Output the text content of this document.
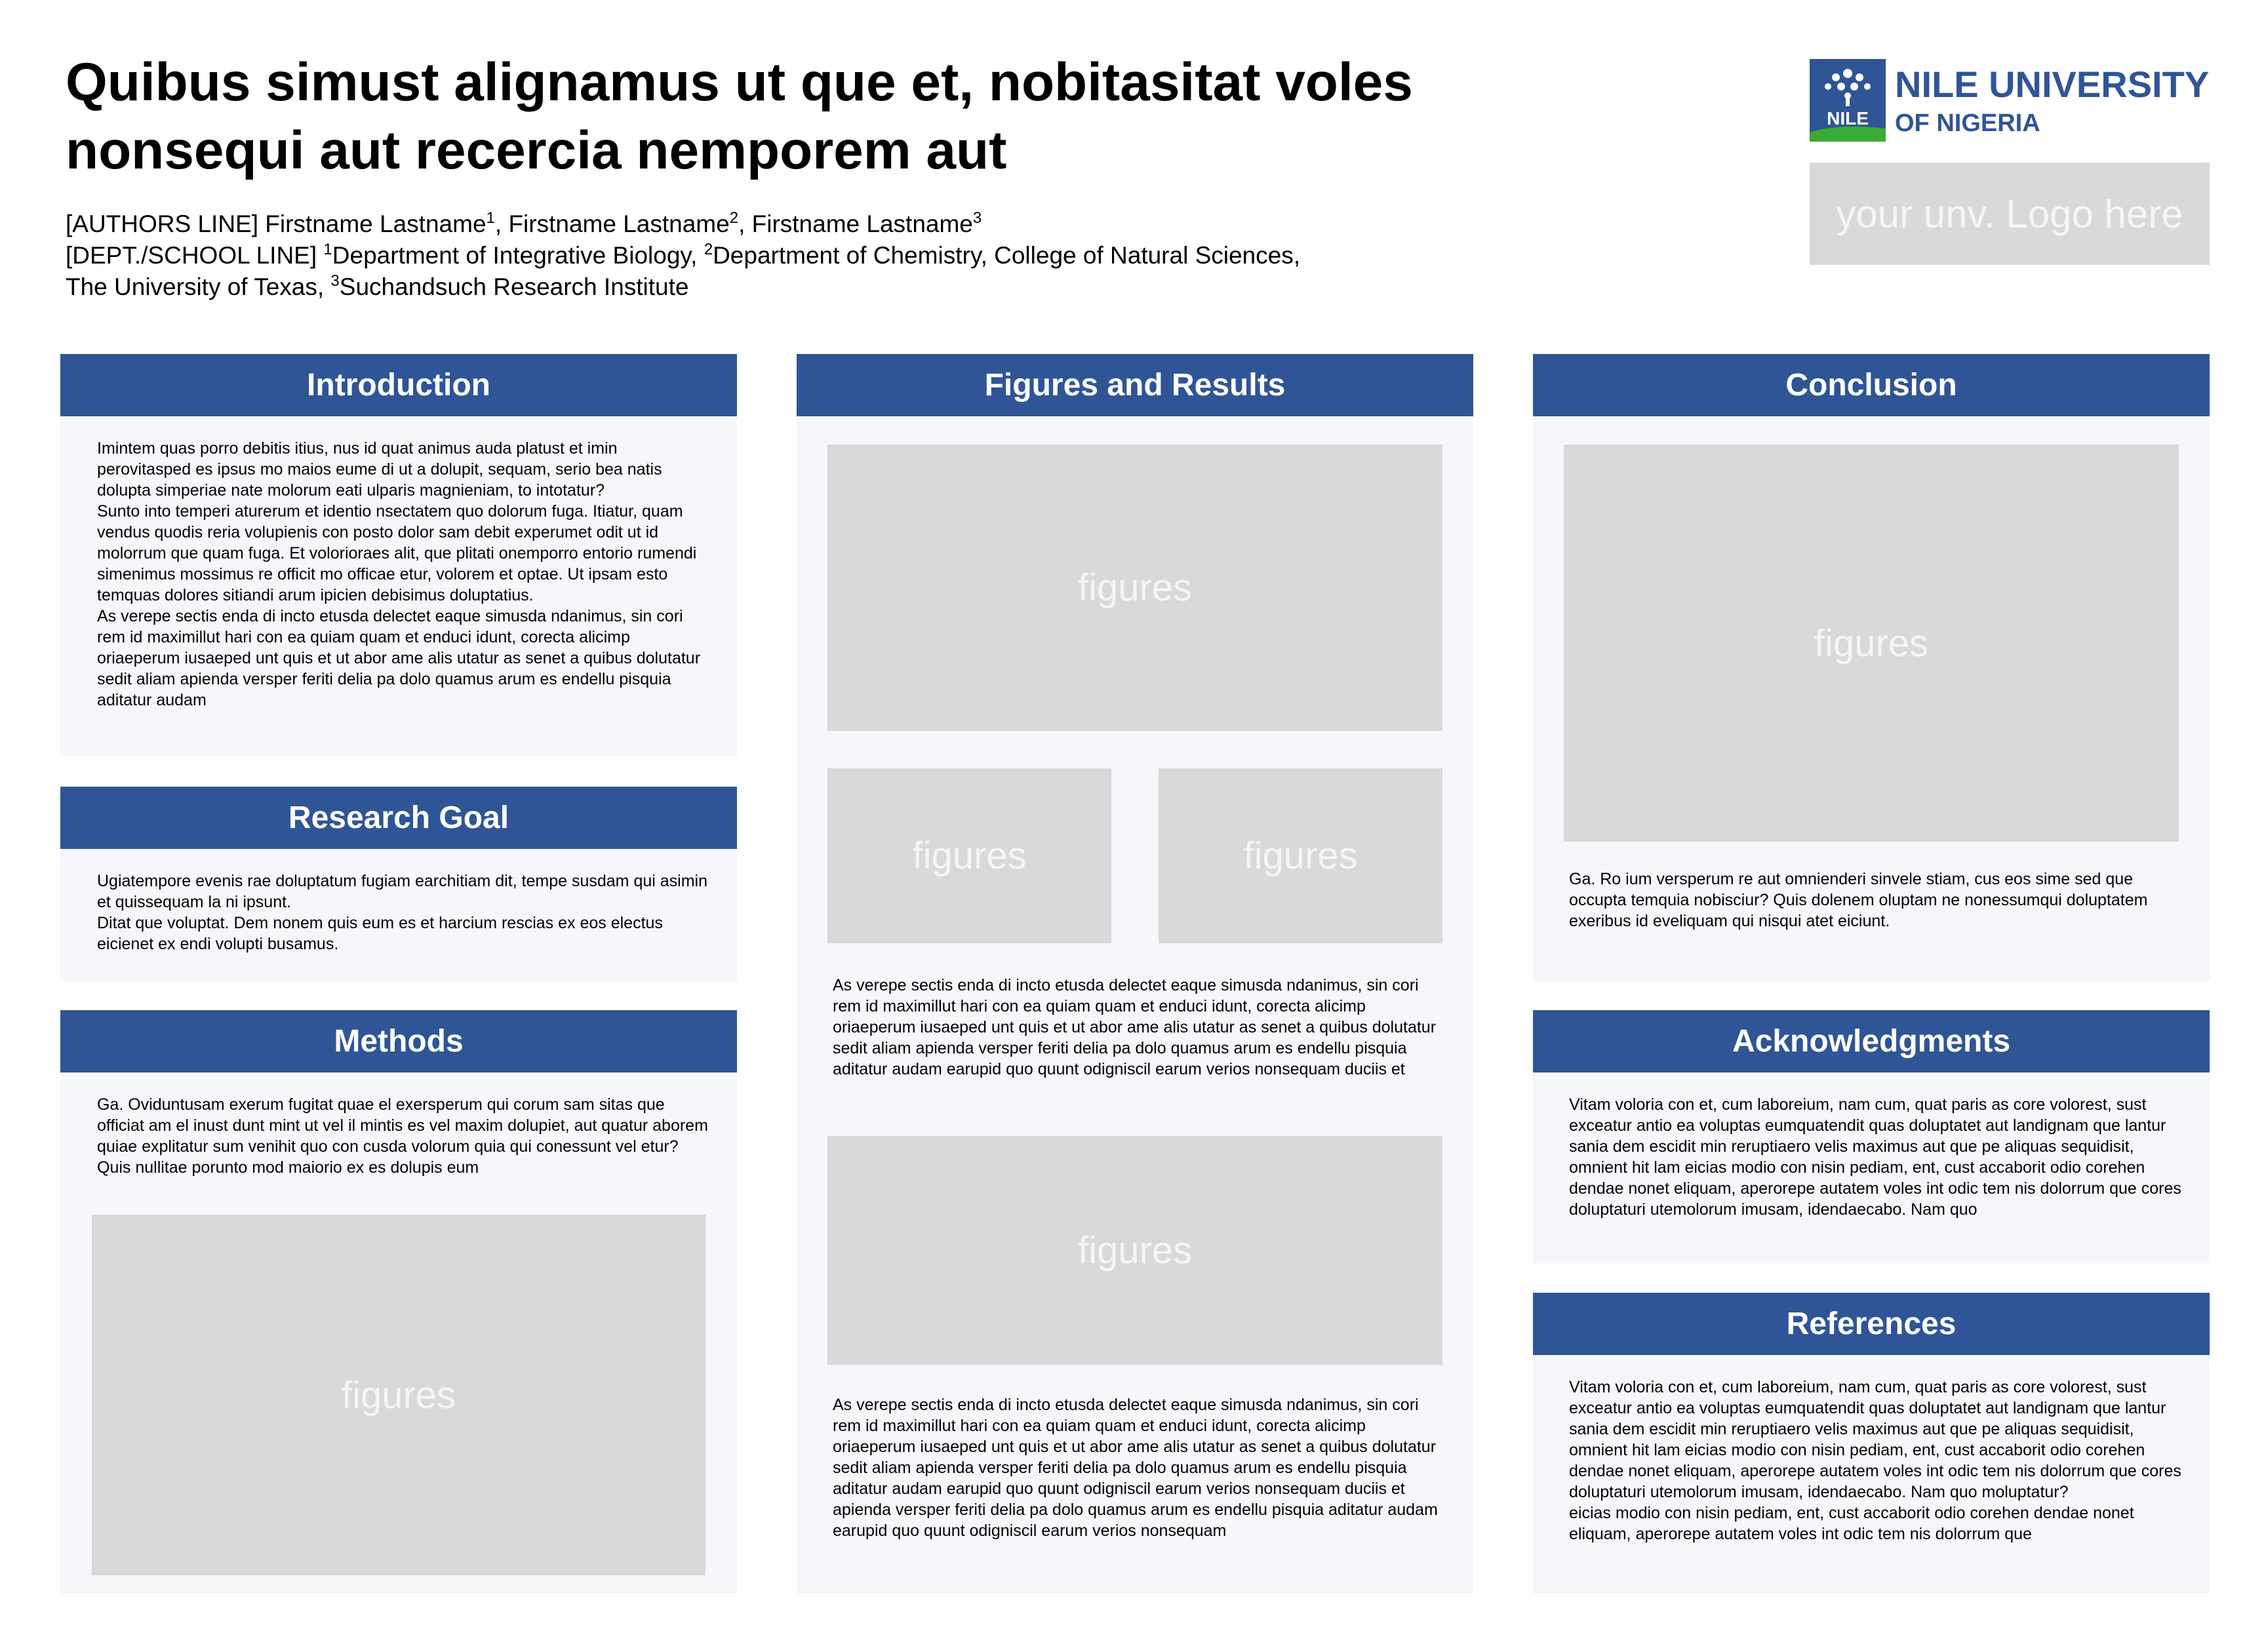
Quibus simust alignamus ut que et, nobitasitat voles
nonsequi aut recercia nemporem aut
[AUTHORS LINE] Firstname Lastname$^1$, Firstname Lastname$^2$, Firstname Lastname$^3$
[DEPT./SCHOOL LINE] $^1$Department of Integrative Biology, $^2$Department of Chemistry, College of Natural Sciences,
The University of Texas, $^3$Suchandsuch Research Institute
NILE
NILE UNIVERSITY
OF NIGERIA
your unv. Logo here
Introduction

Imintem quas porro debitis itius, nus id quat animus auda platust et imin perovitasped es ipsus mo maios eume di ut a dolupit, sequam, serio bea natis dolupta simperiae nate molorum eati ulparis magnieniam, to intotatur?

Sunto into temperi aturerum et identio nsectatem quo dolorum fuga. Itiatur, quam vendus quodis reria volupienis con posto dolor sam debit experumet odit ut id molorrum que quam fuga. Et volorioraes alit, que plitati onemporro entorio rumendi simenimus mossimus re officit mo officae etur, volorem et optae. Ut ipsam esto temquas dolores sitiandi arum ipicien debisimus doluptatius.

As verepe sectis enda di incto etusda delectet eaque simusda ndanimus, sin cori rem id maximillut hari con ea quiam quam et enduci idunt, corecta alicimp oriaeperum iusaeped unt quis et ut abor ame alis utatur as senet a quibus dolutatur sedit aliam apienda versper feriti delia pa dolo quamus arum es endellu pisquia aditatur audam

Research Goal

Ugiatempore evenis rae doluptatum fugiam earchitiam dit, tempe susdam qui asimin et quissequam la ni ipsunt.

Ditat que voluptat. Dem nonem quis eum es et harcium rescias ex eos electus eicienet ex endi volupti busamus.

Methods

Ga. Oviduntusam exerum fugitat quae el exersperum qui corum sam sitas que officiat am el inust dunt mint ut vel il mintis es vel maxim dolupiet, aut quatur aborem quiae explitatur sum venihit quo con cusda volorum quia qui conessunt vel etur? Quis nullitae porunto mod maiorio ex es dolupis eum

figures
Figures and Results
figures
figures	figures

As verepe sectis enda di incto etusda delectet eaque simusda ndanimus, sin cori rem id maximillut hari con ea quiam quam et enduci idunt, corecta alicimp oriaeperum iusaeped unt quis et ut abor ame alis utatur as senet a quibus dolutatur sedit aliam apienda versper feriti delia pa dolo quamus arum es endellu pisquia aditatur audam earupid quo quunt odigniscil earum verios nonsequam duciis et

figures

As verepe sectis enda di incto etusda delectet eaque simusda ndanimus, sin cori rem id maximillut hari con ea quiam quam et enduci idunt, corecta alicimp oriaeperum iusaeped unt quis et ut abor ame alis utatur as senet a quibus dolutatur sedit aliam apienda versper feriti delia pa dolo quamus arum es endellu pisquia aditatur audam earupid quo quunt odigniscil earum verios nonsequam duciis et apienda versper feriti delia pa dolo quamus arum es endellu pisquia aditatur audam earupid quo quunt odigniscil earum verios nonsequam

Conclusion
figures

Ga. Ro ium versperum re aut omnienderi sinvele stiam, cus eos sime sed que occupta temquia nobisciur? Quis dolenem oluptam ne nonessumqui doluptatem exeribus id eveliquam qui nisqui atet eiciunt.

Acknowledgments

Vitam voloria con et, cum laboreium, nam cum, quat paris as core volorest, sust exceatur antio ea voluptas eumquatendit quas doluptatet aut landignam que lantur sania dem escidit min reruptiaero velis maximus aut que pe aliquas sequidisit, omnient hit lam eicias modio con nisin pediam, ent, cust accaborit odio corehen dendae nonet eliquam, aperorepe autatem voles int odic tem nis dolorrum que cores doluptaturi utemolorum imusam, idendaecabo. Nam quo

References

Vitam voloria con et, cum laboreium, nam cum, quat paris as core volorest, sust exceatur antio ea voluptas eumquatendit quas doluptatet aut landignam que lantur sania dem escidit min reruptiaero velis maximus aut que pe aliquas sequidisit, omnient hit lam eicias modio con nisin pediam, ent, cust accaborit odio corehen dendae nonet eliquam, aperorepe autatem voles int odic tem nis dolorrum que cores doluptaturi utemolorum imusam, idendaecabo. Nam quo moluptatur?

eicias modio con nisin pediam, ent, cust accaborit odio corehen dendae nonet eliquam, aperorepe autatem voles int odic tem nis dolorrum que
